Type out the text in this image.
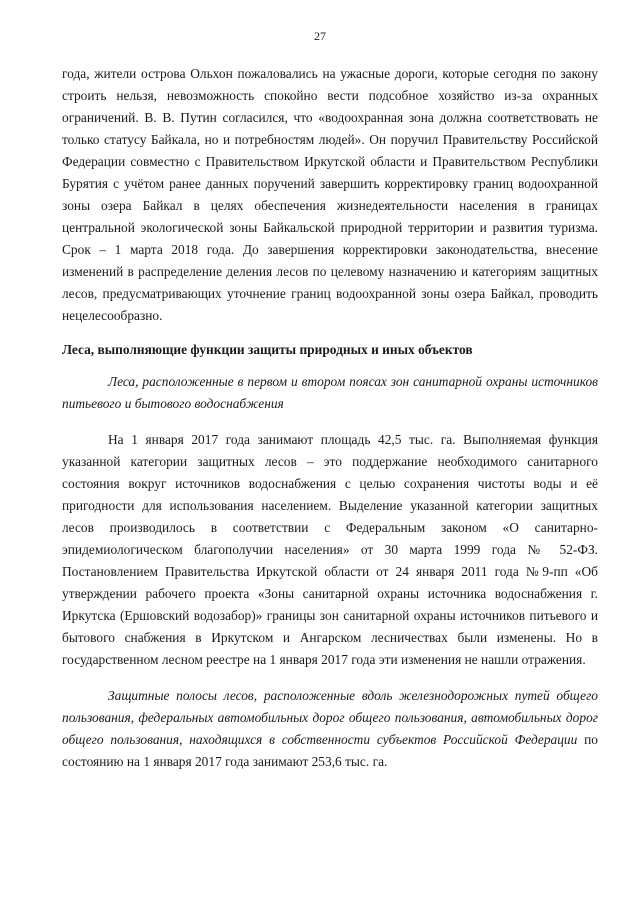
27

года, жители острова Ольхон пожаловались на ужасные дороги, которые сегодня по закону строить нельзя, невозможность спокойно вести подсобное хозяйство из-за охранных ограничений. В. В. Путин согласился, что «водоохранная зона должна соответствовать не только статусу Байкала, но и потребностям людей». Он поручил Правительству Российской Федерации совместно с Правительством Иркутской области и Правительством Республики Бурятия с учётом ранее данных поручений завершить корректировку границ водоохранной зоны озера Байкал в целях обеспечения жизнедеятельности населения в границах центральной экологической зоны Байкальской природной территории и развития туризма. Срок – 1 марта 2018 года. До завершения корректировки законодательства, внесение изменений в распределение деления лесов по целевому назначению и категориям защитных лесов, предусматривающих уточнение границ водоохранной зоны озера Байкал, проводить нецелесообразно.

Леса, выполняющие функции защиты природных и иных объектов

Леса, расположенные в первом и втором поясах зон санитарной охраны источников питьевого и бытового водоснабжения

На 1 января 2017 года занимают площадь 42,5 тыс. га. Выполняемая функция указанной категории защитных лесов – это поддержание необходимого санитарного состояния вокруг источников водоснабжения с целью сохранения чистоты воды и её пригодности для использования населением. Выделение указанной категории защитных лесов производилось в соответствии с Федеральным законом «О санитарно-эпидемиологическом благополучии населения» от 30 марта 1999 года № 52-ФЗ. Постановлением Правительства Иркутской области от 24 января 2011 года №9-пп «Об утверждении рабочего проекта «Зоны санитарной охраны источника водоснабжения г. Иркутска (Ершовский водозабор)» границы зон санитарной охраны источников питьевого и бытового снабжения в Иркутском и Ангарском лесничествах были изменены. Но в государственном лесном реестре на 1 января 2017 года эти изменения не нашли отражения.

Защитные полосы лесов, расположенные вдоль железнодорожных путей общего пользования, федеральных автомобильных дорог общего пользования, автомобильных дорог общего пользования, находящихся в собственности субъектов Российской Федерации по состоянию на 1 января 2017 года занимают 253,6 тыс. га.
